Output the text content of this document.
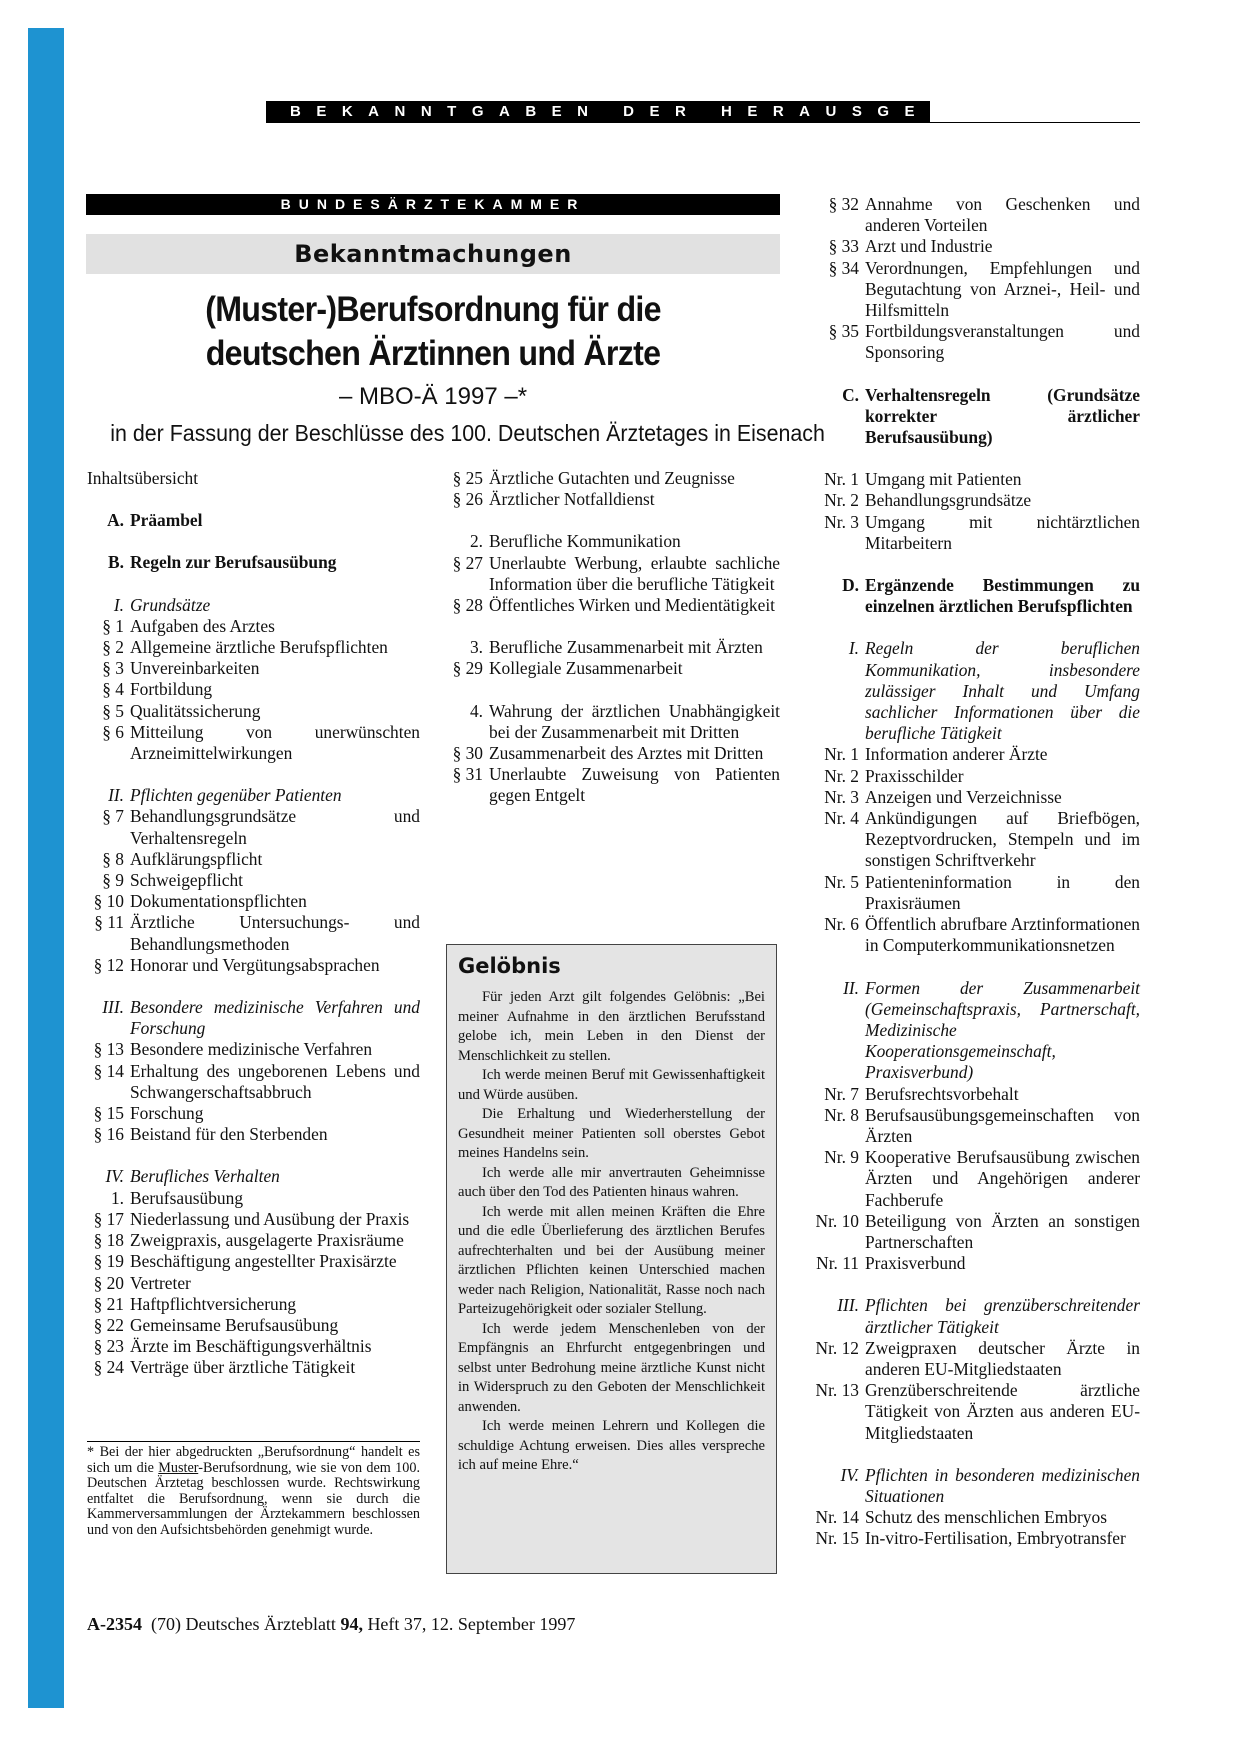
BEKANNTGABEN DER HERAUSGEBER
BUNDESÄRZTEKAMMER
Bekanntmachungen
(Muster-)Berufsordnung für die
deutschen Ärztinnen und Ärzte
– MBO-Ä 1997 –*
in der Fassung der Beschlüsse des 100. Deutschen Ärztetages in Eisenach
Inhaltsübersicht
A. Präambel
B. Regeln zur Berufsausübung
I. Grundsätze
§ 1 Aufgaben des Arztes
§ 2 Allgemeine ärztliche Berufspflichten
§ 3 Unvereinbarkeiten
§ 4 Fortbildung
§ 5 Qualitätssicherung
§ 6 Mitteilung von unerwünschten Arzneimittelwirkungen
II. Pflichten gegenüber Patienten
§ 7 Behandlungsgrundsätze und Verhaltensregeln
§ 8 Aufklärungspflicht
§ 9 Schweigepflicht
§ 10 Dokumentationspflichten
§ 11 Ärztliche Untersuchungs- und Behandlungsmethoden
§ 12 Honorar und Vergütungsabsprachen
III. Besondere medizinische Verfahren und Forschung
§ 13 Besondere medizinische Verfahren
§ 14 Erhaltung des ungeborenen Lebens und Schwangerschaftsabbruch
§ 15 Forschung
§ 16 Beistand für den Sterbenden
IV. Berufliches Verhalten
1. Berufsausübung
§ 17 Niederlassung und Ausübung der Praxis
§ 18 Zweigpraxis, ausgelagerte Praxisräume
§ 19 Beschäftigung angestellter Praxisärzte
§ 20 Vertreter
§ 21 Haftpflichtversicherung
§ 22 Gemeinsame Berufsausübung
§ 23 Ärzte im Beschäftigungsverhältnis
§ 24 Verträge über ärztliche Tätigkeit
* Bei der hier abgedruckten „Berufsordnung“ handelt es sich um die Muster-Berufsordnung, wie sie von dem 100. Deutschen Ärztetag beschlossen wurde. Rechtswirkung entfaltet die Berufsordnung, wenn sie durch die Kammerversammlungen der Ärztekammern beschlossen und von den Aufsichtsbehörden genehmigt wurde.
§ 25 Ärztliche Gutachten und Zeugnisse
§ 26 Ärztlicher Notfalldienst
2. Berufliche Kommunikation
§ 27 Unerlaubte Werbung, erlaubte sachliche Information über die berufliche Tätigkeit
§ 28 Öffentliches Wirken und Medientätigkeit
3. Berufliche Zusammenarbeit mit Ärzten
§ 29 Kollegiale Zusammenarbeit
4. Wahrung der ärztlichen Unabhängigkeit bei der Zusammenarbeit mit Dritten
§ 30 Zusammenarbeit des Arztes mit Dritten
§ 31 Unerlaubte Zuweisung von Patienten gegen Entgelt
Gelöbnis

Für jeden Arzt gilt folgendes Gelöbnis: „Bei meiner Aufnahme in den ärztlichen Berufsstand gelobe ich, mein Leben in den Dienst der Menschlichkeit zu stellen.

Ich werde meinen Beruf mit Gewissenhaftigkeit und Würde ausüben.

Die Erhaltung und Wiederherstellung der Gesundheit meiner Patienten soll oberstes Gebot meines Handelns sein.

Ich werde alle mir anvertrauten Geheimnisse auch über den Tod des Patienten hinaus wahren.

Ich werde mit allen meinen Kräften die Ehre und die edle Überlieferung des ärztlichen Berufes aufrechterhalten und bei der Ausübung meiner ärztlichen Pflichten keinen Unterschied machen weder nach Religion, Nationalität, Rasse noch nach Parteizugehörigkeit oder sozialer Stellung.

Ich werde jedem Menschenleben von der Empfängnis an Ehrfurcht entgegenbringen und selbst unter Bedrohung meine ärztliche Kunst nicht in Widerspruch zu den Geboten der Menschlichkeit anwenden.

Ich werde meinen Lehrern und Kollegen die schuldige Achtung erweisen. Dies alles verspreche ich auf meine Ehre.“

§ 32 Annahme von Geschenken und anderen Vorteilen
§ 33 Arzt und Industrie
§ 34 Verordnungen, Empfehlungen und Begutachtung von Arznei-, Heil- und Hilfsmitteln
§ 35 Fortbildungsveranstaltungen und Sponsoring
C. Verhaltensregeln (Grundsätze korrekter ärztlicher Berufsausübung)
Nr. 1 Umgang mit Patienten
Nr. 2 Behandlungsgrundsätze
Nr. 3 Umgang mit nichtärztlichen Mitarbeitern
D. Ergänzende Bestimmungen zu einzelnen ärztlichen Berufspflichten
I. Regeln der beruflichen Kommunikation, insbesondere zulässiger Inhalt und Umfang sachlicher Informationen über die berufliche Tätigkeit
Nr. 1 Information anderer Ärzte
Nr. 2 Praxisschilder
Nr. 3 Anzeigen und Verzeichnisse
Nr. 4 Ankündigungen auf Briefbögen, Rezeptvordrucken, Stempeln und im sonstigen Schriftverkehr
Nr. 5 Patienteninformation in den Praxisräumen
Nr. 6 Öffentlich abrufbare Arztinformationen in Computerkommunikationsnetzen
II. Formen der Zusammenarbeit (Gemeinschaftspraxis, Partnerschaft, Medizinische Kooperationsgemeinschaft, Praxisverbund)
Nr. 7 Berufsrechtsvorbehalt
Nr. 8 Berufsausübungsgemeinschaften von Ärzten
Nr. 9 Kooperative Berufsausübung zwischen Ärzten und Angehörigen anderer Fachberufe
Nr. 10 Beteiligung von Ärzten an sonstigen Partnerschaften
Nr. 11 Praxisverbund
III. Pflichten bei grenzüberschreitender ärztlicher Tätigkeit
Nr. 12 Zweigpraxen deutscher Ärzte in anderen EU-Mitgliedstaaten
Nr. 13 Grenzüberschreitende ärztliche Tätigkeit von Ärzten aus anderen EU-Mitgliedstaaten
IV. Pflichten in besonderen medizinischen Situationen
Nr. 14 Schutz des menschlichen Embryos
Nr. 15 In-vitro-Fertilisation, Embryotransfer
A-2354 (70) Deutsches Ärzteblatt 94, Heft 37, 12. September 1997
